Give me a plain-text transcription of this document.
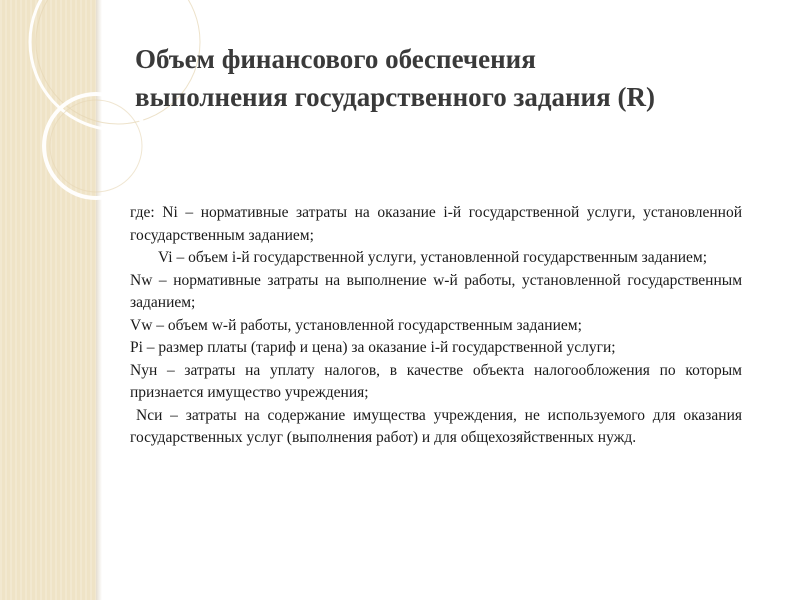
Объем финансового обеспечения
выполнения государственного задания (R)

где: Ni – нормативные затраты на оказание i-й государственной услуги, установленной государственным заданием;

Vi – объем i-й государственной услуги, установленной государственным заданием;

Nw – нормативные затраты на выполнение w-й работы, установленной государственным заданием;

Vw – объем w-й работы, установленной государственным заданием;

Pi – размер платы (тариф и цена) за оказание i-й государственной услуги;

Nун – затраты на уплату налогов, в качестве объекта налогообложения по которым признается имущество учреждения;

Nси – затраты на содержание имущества учреждения, не используемого для оказания государственных услуг (выполнения работ) и для общехозяйственных нужд.
